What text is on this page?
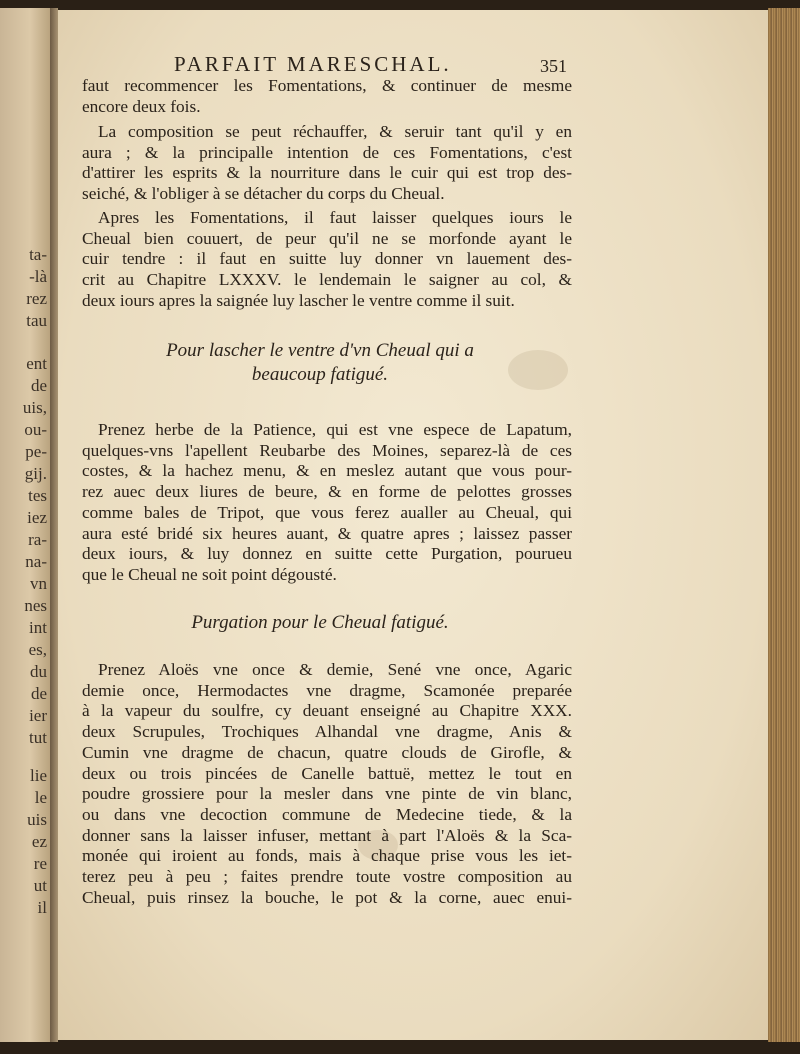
ta-
-là
rez
tau
ent
de
uis,
ou-
pe-
gij.
tes
iez
ra-
na-
vn
nes
int
es,
du
de
ier
tut
lie
le
uis
ez
re
ut
il
PARFAIT MARESCHAL.	351

faut recommencer les Fomentations, & continuer de mesme

encore deux fois.

La composition se peut réchauffer, & seruir tant qu'il y en

aura ; & la principalle intention de ces Fomentations, c'est

d'attirer les esprits & la nourriture dans le cuir qui est trop des-

seiché, & l'obliger à se détacher du corps du Cheual.

Apres les Fomentations, il faut laisser quelques iours le

Cheual bien couuert, de peur qu'il ne se morfonde ayant le

cuir tendre : il faut en suitte luy donner vn lauement des-

crit au Chapitre LXXXV. le lendemain le saigner au col, &

deux iours apres la saignée luy lascher le ventre comme il suit.

Pour lascher le ventre d'vn Cheual qui a
beaucoup fatigué.

Prenez herbe de la Patience, qui est vne espece de Lapatum,

quelques-vns l'apellent Reubarbe des Moines, separez-là de ces

costes, & la hachez menu, & en meslez autant que vous pour-

rez auec deux liures de beure, & en forme de pelottes grosses

comme bales de Tripot, que vous ferez aualler au Cheual, qui

aura esté bridé six heures auant, & quatre apres ; laissez passer

deux iours, & luy donnez en suitte cette Purgation, pourueu

que le Cheual ne soit point dégousté.

Purgation pour le Cheual fatigué.

Prenez Aloës vne once & demie, Sené vne once, Agaric

demie once, Hermodactes vne dragme, Scamonée preparée

à la vapeur du soulfre, cy deuant enseigné au Chapitre XXX.

deux Scrupules, Trochiques Alhandal vne dragme, Anis &

Cumin vne dragme de chacun, quatre clouds de Girofle, &

deux ou trois pincées de Canelle battuë, mettez le tout en

poudre grossiere pour la mesler dans vne pinte de vin blanc,

ou dans vne decoction commune de Medecine tiede, & la

donner sans la laisser infuser, mettant à part l'Aloës & la Sca-

monée qui iroient au fonds, mais à chaque prise vous les iet-

terez peu à peu ; faites prendre toute vostre composition au

Cheual, puis rinsez la bouche, le pot & la corne, auec enui-
